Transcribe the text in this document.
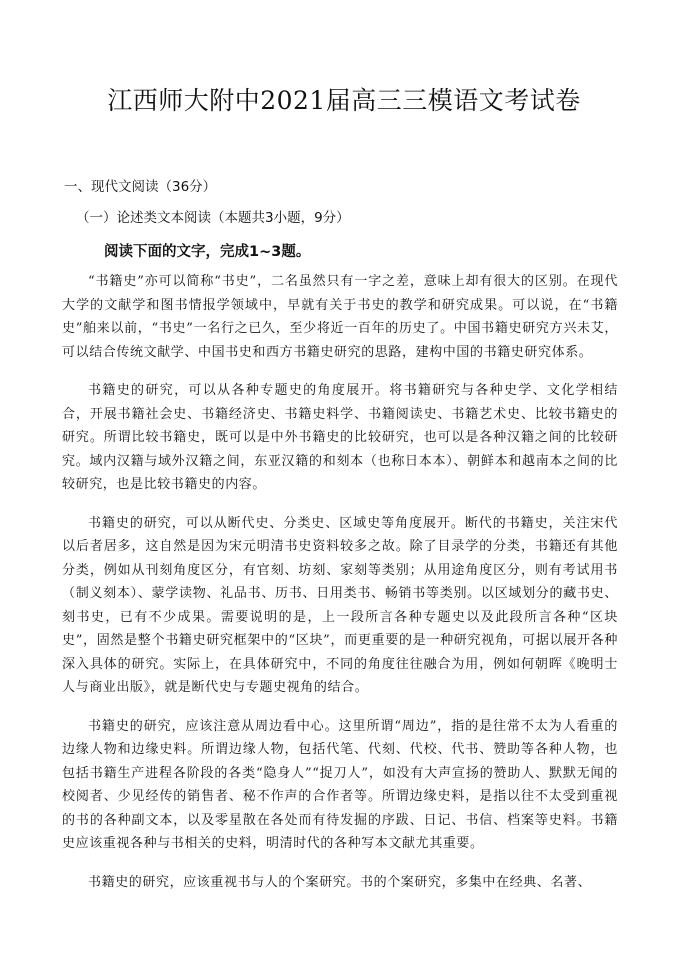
江西师大附中2021届高三三模语文考试卷
一、现代文阅读（36分）
（一）论述类文本阅读（本题共3小题，9分）
阅读下面的文字，完成1~3题。

“书籍史”亦可以简称“书史”，二名虽然只有一字之差，意味上却有很大的区别。在现代大学的文献学和图书情报学领域中，早就有关于书史的教学和研究成果。可以说，在“书籍史”舶来以前，“书史”一名行之已久，至少将近一百年的历史了。中国书籍史研究方兴未艾，可以结合传统文献学、中国书史和西方书籍史研究的思路，建构中国的书籍史研究体系。

书籍史的研究，可以从各种专题史的角度展开。将书籍研究与各种史学、文化学相结合，开展书籍社会史、书籍经济史、书籍史料学、书籍阅读史、书籍艺术史、比较书籍史的研究。所谓比较书籍史，既可以是中外书籍史的比较研究，也可以是各种汉籍之间的比较研究。域内汉籍与域外汉籍之间，东亚汉籍的和刻本（也称日本本）、朝鲜本和越南本之间的比较研究，也是比较书籍史的内容。

书籍史的研究，可以从断代史、分类史、区域史等角度展开。断代的书籍史，关注宋代以后者居多，这自然是因为宋元明清书史资料较多之故。除了目录学的分类，书籍还有其他分类，例如从刊刻角度区分，有官刻、坊刻、家刻等类别；从用途角度区分，则有考试用书（制义刻本）、蒙学读物、礼品书、历书、日用类书、畅销书等类别。以区域划分的藏书史、刻书史，已有不少成果。需要说明的是，上一段所言各种专题史以及此段所言各种“区块史”，固然是整个书籍史研究框架中的“区块”，而更重要的是一种研究视角，可据以展开各种深入具体的研究。实际上，在具体研究中，不同的角度往往融合为用，例如何朝晖《晚明士人与商业出版》，就是断代史与专题史视角的结合。

书籍史的研究，应该注意从周边看中心。这里所谓“周边”，指的是往常不太为人看重的边缘人物和边缘史料。所谓边缘人物，包括代笔、代刻、代校、代书、赞助等各种人物，也包括书籍生产进程各阶段的各类“隐身人”“捉刀人”，如没有大声宣扬的赞助人、默默无闻的校阅者、少见经传的销售者、秘不作声的合作者等。所谓边缘史料，是指以往不太受到重视的书的各种副文本，以及零星散在各处而有待发掘的序跋、日记、书信、档案等史料。书籍史应该重视各种与书相关的史料，明清时代的各种写本文献尤其重要。

书籍史的研究，应该重视书与人的个案研究。书的个案研究，多集中在经典、名著、
